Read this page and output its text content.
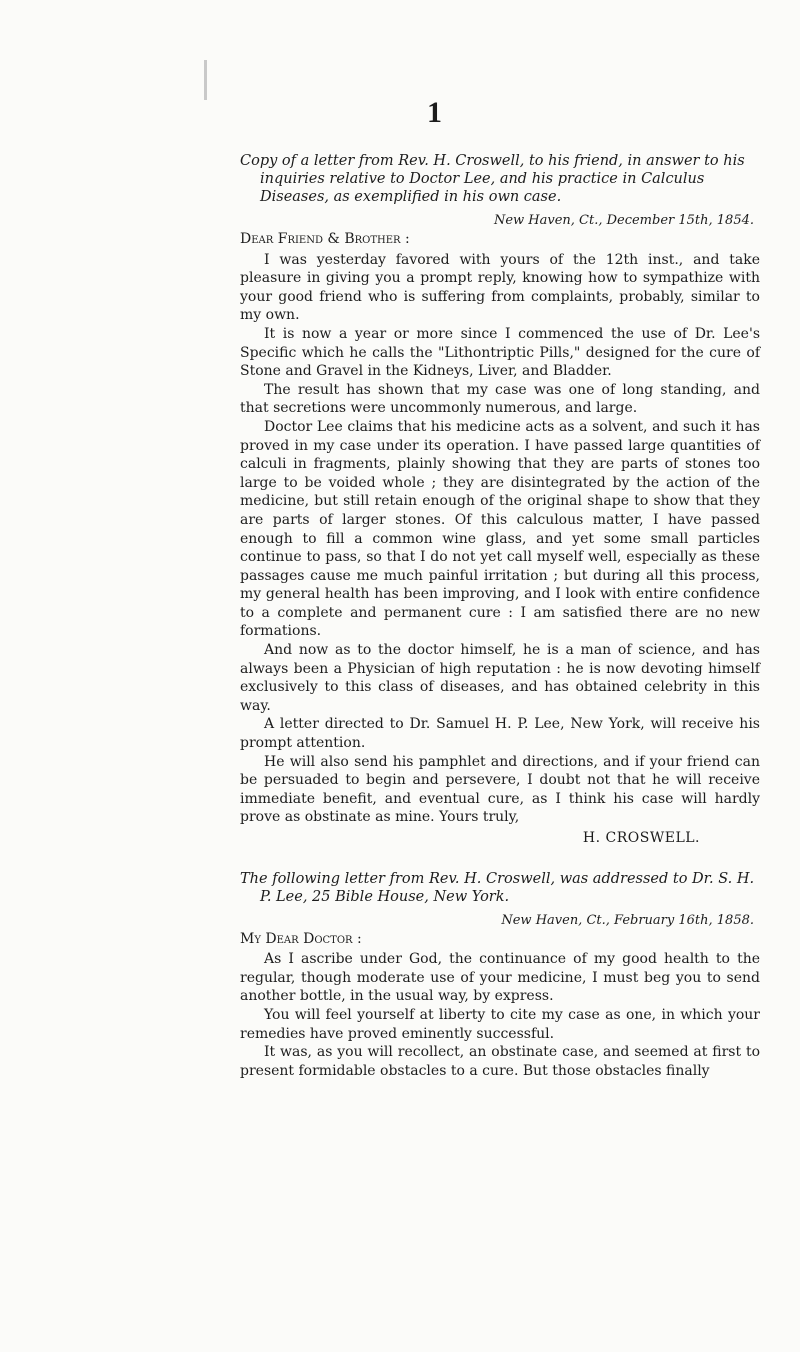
1

Copy of a letter from Rev. H. Croswell, to his friend, in answer to his inquiries relative to Doctor Lee, and his practice in Calculus Diseases, as exemplified in his own case.

New Haven, Ct., December 15th, 1854.

Dear Friend & Brother :

I was yesterday favored with yours of the 12th inst., and take pleasure in giving you a prompt reply, knowing how to sympathize with your good friend who is suffering from complaints, probably, similar to my own.

It is now a year or more since I commenced the use of Dr. Lee's Specific which he calls the "Lithontriptic Pills," designed for the cure of Stone and Gravel in the Kidneys, Liver, and Bladder.

The result has shown that my case was one of long standing, and that secretions were uncommonly numerous, and large.

Doctor Lee claims that his medicine acts as a solvent, and such it has proved in my case under its operation. I have passed large quantities of calculi in fragments, plainly showing that they are parts of stones too large to be voided whole ; they are disintegrated by the action of the medicine, but still retain enough of the original shape to show that they are parts of larger stones. Of this calculous matter, I have passed enough to fill a common wine glass, and yet some small particles continue to pass, so that I do not yet call myself well, especially as these passages cause me much painful irritation ; but during all this process, my general health has been improving, and I look with entire confidence to a complete and permanent cure : I am satisfied there are no new formations.

And now as to the doctor himself, he is a man of science, and has always been a Physician of high reputation : he is now devoting himself exclusively to this class of diseases, and has obtained celebrity in this way.

A letter directed to Dr. Samuel H. P. Lee, New York, will receive his prompt attention.

He will also send his pamphlet and directions, and if your friend can be persuaded to begin and persevere, I doubt not that he will receive immediate benefit, and eventual cure, as I think his case will hardly prove as obstinate as mine. Yours truly,

H. CROSWELL.

The following letter from Rev. H. Croswell, was addressed to Dr. S. H. P. Lee, 25 Bible House, New York.

New Haven, Ct., February 16th, 1858.

My Dear Doctor :

As I ascribe under God, the continuance of my good health to the regular, though moderate use of your medicine, I must beg you to send another bottle, in the usual way, by express.

You will feel yourself at liberty to cite my case as one, in which your remedies have proved eminently successful.

It was, as you will recollect, an obstinate case, and seemed at first to present formidable obstacles to a cure. But those obstacles finally
